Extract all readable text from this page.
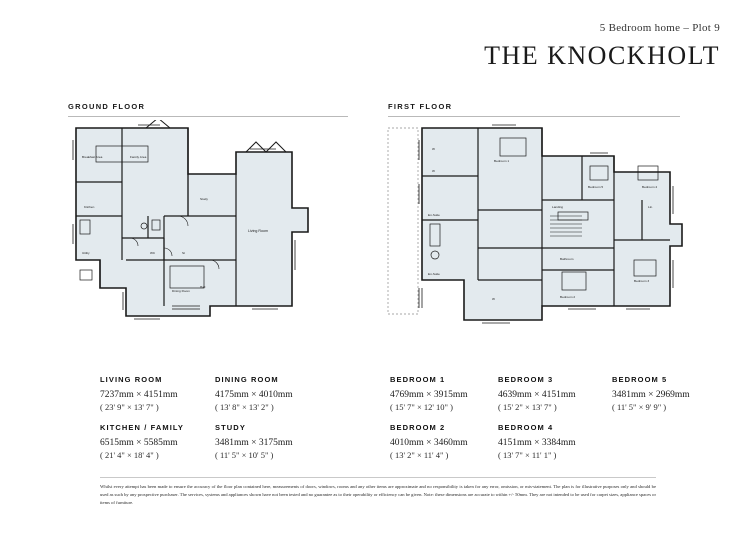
5 Bedroom home – Plot 9
THE KNOCKHOLT
GROUND FLOOR	FIRST FLOOR
Breakfast Area	Family Area
Study
Living Room
Kitchen
Utility	WC
Dining Room
Hall
St
Bedroom 1
Bedroom 5	Bedroom 4
Bedroom 3
Bedroom 2
En-Suite
En-Suite
Landing
Bathroom
Lin.
W
W
W
LIVING ROOM
7237mm × 4151mm
( 23' 9" × 13' 7" )
KITCHEN / FAMILY
6515mm × 5585mm
( 21' 4" × 18' 4" )
DINING ROOM
4175mm × 4010mm
( 13' 8" × 13' 2" )
STUDY
3481mm × 3175mm
( 11' 5" × 10' 5" )
BEDROOM 1
4769mm × 3915mm
( 15' 7" × 12' 10" )
BEDROOM 2
4010mm × 3460mm
( 13' 2" × 11' 4" )
BEDROOM 3
4639mm × 4151mm
( 15' 2" × 13' 7" )
BEDROOM 4
4151mm × 3384mm
( 13' 7" × 11' 1" )
BEDROOM 5
3481mm × 2969mm
( 11' 5" × 9' 9" )
Whilst every attempt has been made to ensure the accuracy of the floor plan contained here, measurements of doors, windows, rooms and any other items are approximate and no responsibility is taken for any error, omission, or mis-statement. The plan is for illustrative purposes only and should be used as such by any prospective purchaser. The services, systems and appliances shown have not been tested and no guarantee as to their operability or efficiency can be given. Note: these dimensions are accurate to within +/- 50mm. They are not intended to be used for carpet sizes, appliance spaces or items of furniture.
